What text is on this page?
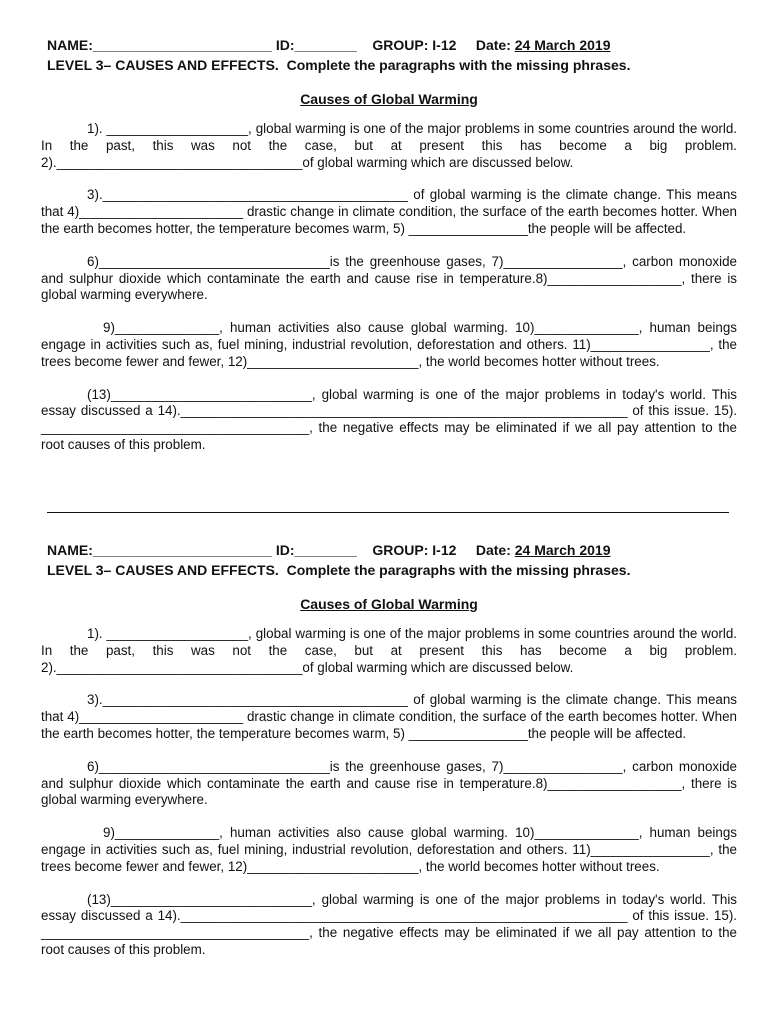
NAME:_______________________ ID:________ GROUP: I-12 Date: 24 March 2019
LEVEL 3– CAUSES AND EFFECTS.  Complete the paragraphs with the missing phrases.
Causes of Global Warming

1). ___________________, global warming is one of the major problems in some countries around the world. In the past, this was not the case, but at present this has become a big problem. 2)._________________________________of global warming which are discussed below.

3)._________________________________________ of global warming is the climate change. This means that 4)______________________ drastic change in climate condition, the surface of the earth becomes hotter. When the earth becomes hotter, the temperature becomes warm, 5) ________________the people will be affected.

6)_______________________________is the greenhouse gases, 7)________________, carbon monoxide and sulphur dioxide which contaminate the earth and cause rise in temperature.8)__________________, there is global warming everywhere.

9)______________, human activities also cause global warming. 10)______________, human beings engage in activities such as, fuel mining, industrial revolution, deforestation and others. 11)________________, the trees become fewer and fewer, 12)_______________________, the world becomes hotter without trees.

(13)___________________________, global warming is one of the major problems in today's world. This essay discussed a 14).____________________________________________________________ of this issue. 15). ____________________________________, the negative effects may be eliminated if we all pay attention to the root causes of this problem.

NAME:_______________________ ID:________ GROUP: I-12 Date: 24 March 2019
LEVEL 3– CAUSES AND EFFECTS.  Complete the paragraphs with the missing phrases.
Causes of Global Warming

1). ___________________, global warming is one of the major problems in some countries around the world. In the past, this was not the case, but at present this has become a big problem. 2)._________________________________of global warming which are discussed below.

3)._________________________________________ of global warming is the climate change. This means that 4)______________________ drastic change in climate condition, the surface of the earth becomes hotter. When the earth becomes hotter, the temperature becomes warm, 5) ________________the people will be affected.

6)_______________________________is the greenhouse gases, 7)________________, carbon monoxide and sulphur dioxide which contaminate the earth and cause rise in temperature.8)__________________, there is global warming everywhere.

9)______________, human activities also cause global warming. 10)______________, human beings engage in activities such as, fuel mining, industrial revolution, deforestation and others. 11)________________, the trees become fewer and fewer, 12)_______________________, the world becomes hotter without trees.

(13)___________________________, global warming is one of the major problems in today's world. This essay discussed a 14).____________________________________________________________ of this issue. 15). ____________________________________, the negative effects may be eliminated if we all pay attention to the root causes of this problem.
